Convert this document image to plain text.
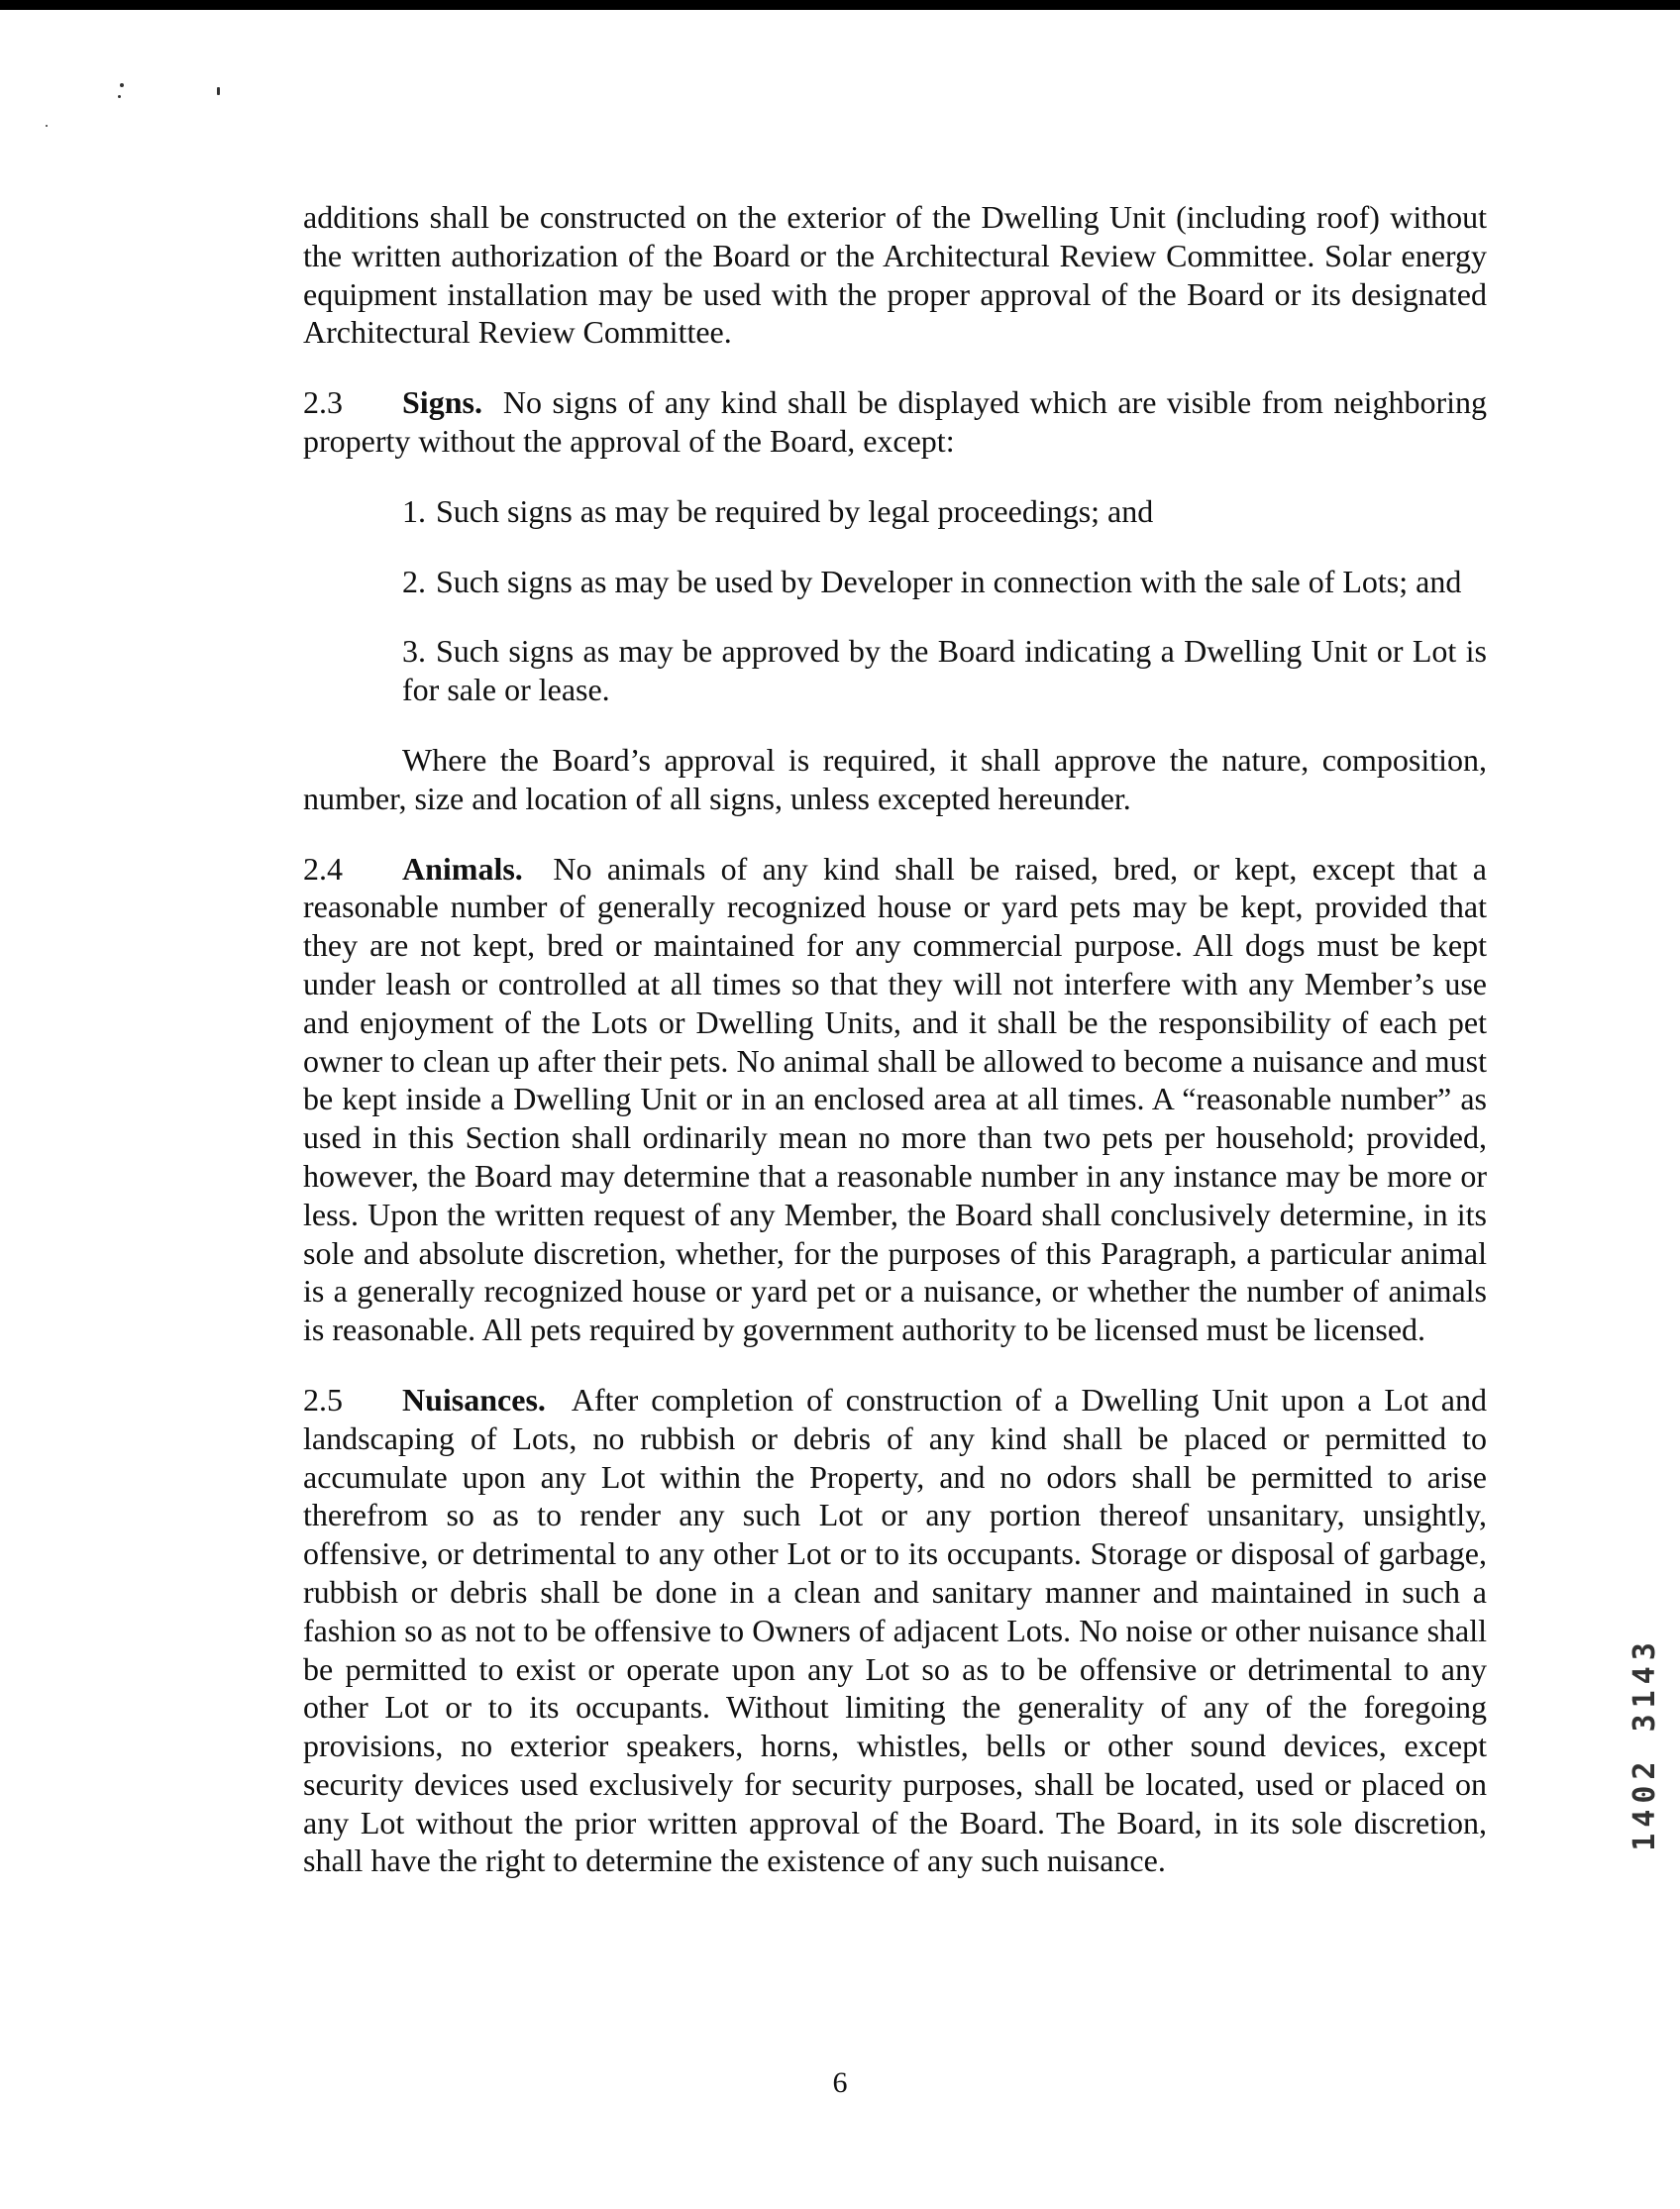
additions shall be constructed on the exterior of the Dwelling Unit (including roof) without the written authorization of the Board or the Architectural Review Committee. Solar energy equipment installation may be used with the proper approval of the Board or its designated Architectural Review Committee.

2.3 Signs. No signs of any kind shall be displayed which are visible from neighboring property without the approval of the Board, except:

1. Such signs as may be required by legal proceedings; and
2. Such signs as may be used by Developer in connection with the sale of Lots; and
3. Such signs as may be approved by the Board indicating a Dwelling Unit or Lot is for sale or lease.

Where the Board’s approval is required, it shall approve the nature, composition, number, size and location of all signs, unless excepted hereunder.

2.4 Animals. No animals of any kind shall be raised, bred, or kept, except that a reasonable number of generally recognized house or yard pets may be kept, provided that they are not kept, bred or maintained for any commercial purpose. All dogs must be kept under leash or controlled at all times so that they will not interfere with any Member’s use and enjoyment of the Lots or Dwelling Units, and it shall be the responsibility of each pet owner to clean up after their pets. No animal shall be allowed to become a nuisance and must be kept inside a Dwelling Unit or in an enclosed area at all times. A “reasonable number” as used in this Section shall ordinarily mean no more than two pets per household; provided, however, the Board may determine that a reasonable number in any instance may be more or less. Upon the written request of any Member, the Board shall conclusively determine, in its sole and absolute discretion, whether, for the purposes of this Paragraph, a particular animal is a generally recognized house or yard pet or a nuisance, or whether the number of animals is reasonable. All pets required by government authority to be licensed must be licensed.

2.5 Nuisances. After completion of construction of a Dwelling Unit upon a Lot and landscaping of Lots, no rubbish or debris of any kind shall be placed or permitted to accumulate upon any Lot within the Property, and no odors shall be permitted to arise therefrom so as to render any such Lot or any portion thereof unsanitary, unsightly, offensive, or detrimental to any other Lot or to its occupants. Storage or disposal of garbage, rubbish or debris shall be done in a clean and sanitary manner and maintained in such a fashion so as not to be offensive to Owners of adjacent Lots. No noise or other nuisance shall be permitted to exist or operate upon any Lot so as to be offensive or detrimental to any other Lot or to its occupants. Without limiting the generality of any of the foregoing provisions, no exterior speakers, horns, whistles, bells or other sound devices, except security devices used exclusively for security purposes, shall be located, used or placed on any Lot without the prior written approval of the Board. The Board, in its sole discretion, shall have the right to determine the existence of any such nuisance.

6
1402 3143
